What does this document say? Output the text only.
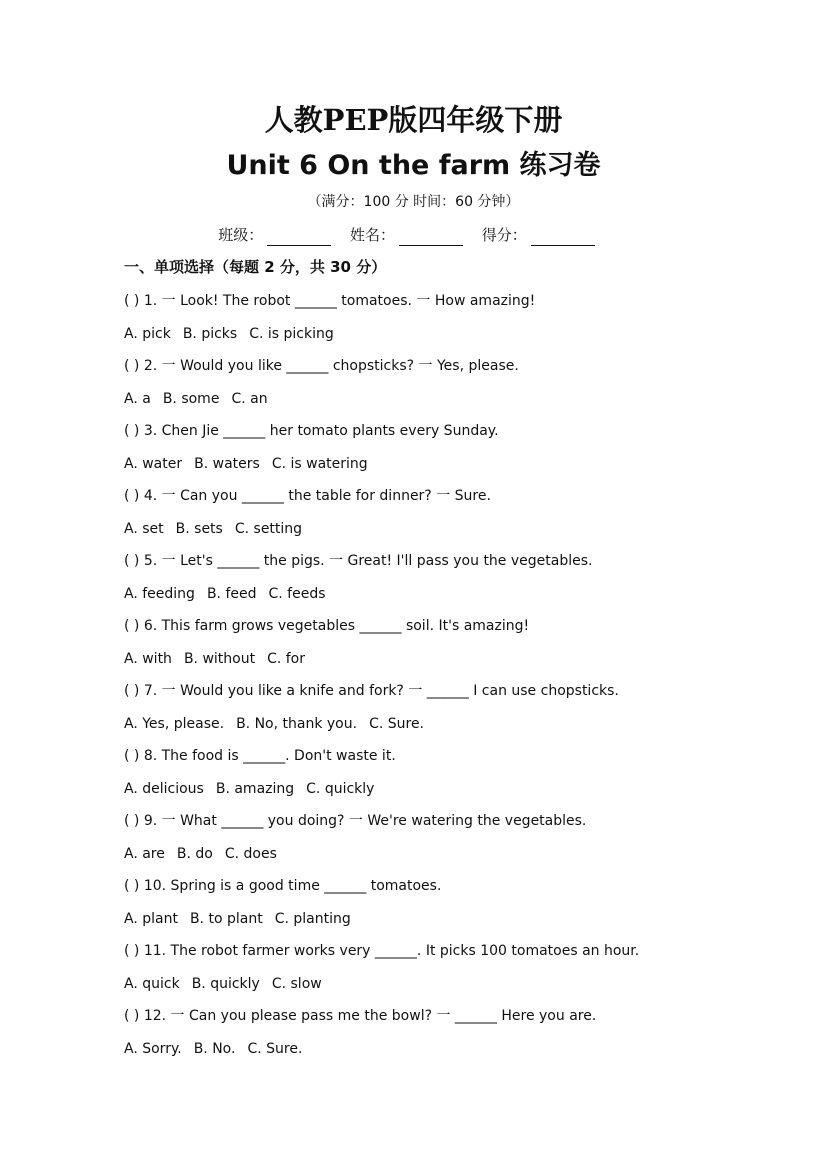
人教PEP版四年级下册
Unit 6 On the farm 练习卷
（满分：100 分 时间：60 分钟）
班级：	姓名：	得分：
一、单项选择（每题 2 分，共 30 分）
( ) 1. 一 Look! The robot ______ tomatoes. 一 How amazing!
A. pick B. picks C. is picking
( ) 2. 一 Would you like ______ chopsticks? 一 Yes, please.
A. a B. some C. an
( ) 3. Chen Jie ______ her tomato plants every Sunday.
A. water B. waters C. is watering
( ) 4. 一 Can you ______ the table for dinner? 一 Sure.
A. set B. sets C. setting
( ) 5. 一 Let's ______ the pigs. 一 Great! I'll pass you the vegetables.
A. feeding B. feed C. feeds
( ) 6. This farm grows vegetables ______ soil. It's amazing!
A. with B. without C. for
( ) 7. 一 Would you like a knife and fork? 一 ______ I can use chopsticks.
A. Yes, please. B. No, thank you. C. Sure.
( ) 8. The food is ______. Don't waste it.
A. delicious B. amazing C. quickly
( ) 9. 一 What ______ you doing? 一 We're watering the vegetables.
A. are B. do C. does
( ) 10. Spring is a good time ______ tomatoes.
A. plant B. to plant C. planting
( ) 11. The robot farmer works very ______. It picks 100 tomatoes an hour.
A. quick B. quickly C. slow
( ) 12. 一 Can you please pass me the bowl? 一 ______ Here you are.
A. Sorry. B. No. C. Sure.
